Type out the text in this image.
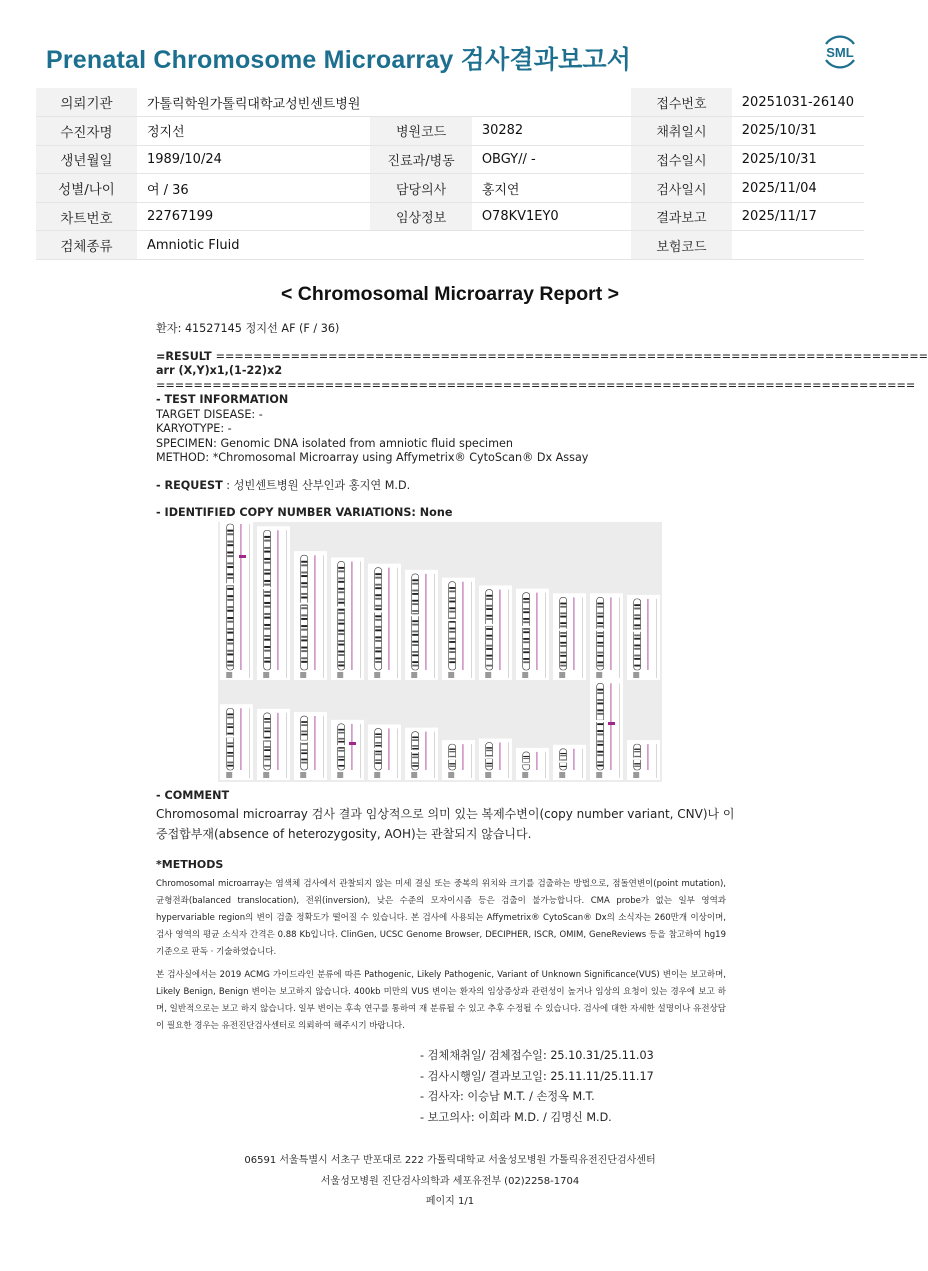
Prenatal Chromosome Microarray 검사결과보고서	SML
의뢰기관	가톨릭학원가톨릭대학교성빈센트병원			접수번호	20251031-26140
수진자명	정지선	병원코드	30282	채취일시	2025/10/31
생년월일	1989/10/24	진료과/병동	OBGY// -	접수일시	2025/10/31
성별/나이	여 / 36	담당의사	홍지연	검사일시	2025/11/04
차트번호	22767199	임상정보	O78KV1EY0	결과보고	2025/11/17
검체종류	Amniotic Fluid			보험코드	
< Chromosomal Microarray Report >
환자: 41527145 정지선 AF (F / 36)
=RESULT ============================================================================
arr (X,Y)x1,(1-22)x2
=================================================================================
- TEST INFORMATION
TARGET DISEASE: -
KARYOTYPE: -
SPECIMEN: Genomic DNA isolated from amniotic fluid specimen
METHOD: *Chromosomal Microarray using Affymetrix® CytoScan® Dx Assay
- REQUEST : 성빈센트병원 산부인과 홍지연 M.D.
- IDENTIFIED COPY NUMBER VARIATIONS: None
- COMMENT
Chromosomal microarray 검사 결과 임상적으로 의미 있는 복제수변이(copy number variant, CNV)나 이중접합부재(absence of heterozygosity, AOH)는 관찰되지 않습니다.
*METHODS

Chromosomal microarray는 염색체 검사에서 관찰되지 않는 미세 결실 또는 중복의 위치와 크기를 검출하는 방법으로, 점돌연변이(point mutation), 균형전좌(balanced translocation), 전위(inversion), 낮은 수준의 모자이시즘 등은 검출이 불가능합니다. CMA probe가 없는 일부 영역과 hypervariable region의 변이 검출 정확도가 떨어질 수 있습니다. 본 검사에 사용되는 Affymetrix® CytoScan® Dx의 소식자는 260만개 이상이며, 검사 영역의 평균 소식자 간격은 0.88 Kb입니다. ClinGen, UCSC Genome Browser, DECIPHER, ISCR, OMIM, GeneReviews 등을 참고하여 hg19 기준으로 판독 · 기술하였습니다.

본 검사실에서는 2019 ACMG 가이드라인 분류에 따른 Pathogenic, Likely Pathogenic, Variant of Unknown Significance(VUS) 변이는 보고하며, Likely Benign, Benign 변이는 보고하지 않습니다. 400kb 미만의 VUS 변이는 환자의 임상증상과 관련성이 높거나 임상의 요청이 있는 경우에 보고 하며, 일반적으로는 보고 하지 않습니다. 일부 변이는 후속 연구를 통하여 재 분류될 수 있고 추후 수정될 수 있습니다. 검사에 대한 자세한 설명이나 유전상담이 필요한 경우는 유전진단검사센터로 의뢰하여 해주시기 바랍니다.

- 검체채취일/ 검체접수일: 25.10.31/25.11.03
- 검사시행일/ 결과보고일: 25.11.11/25.11.17
- 검사자: 이승남 M.T. / 손정옥 M.T.
- 보고의사: 이희라 M.D. / 김명신 M.D.
06591 서울특별시 서초구 반포대로 222 가톨릭대학교 서울성모병원 가톨릭유전진단검사센터
서울성모병원 진단검사의학과 세포유전부 (02)2258-1704
페이지 1/1
